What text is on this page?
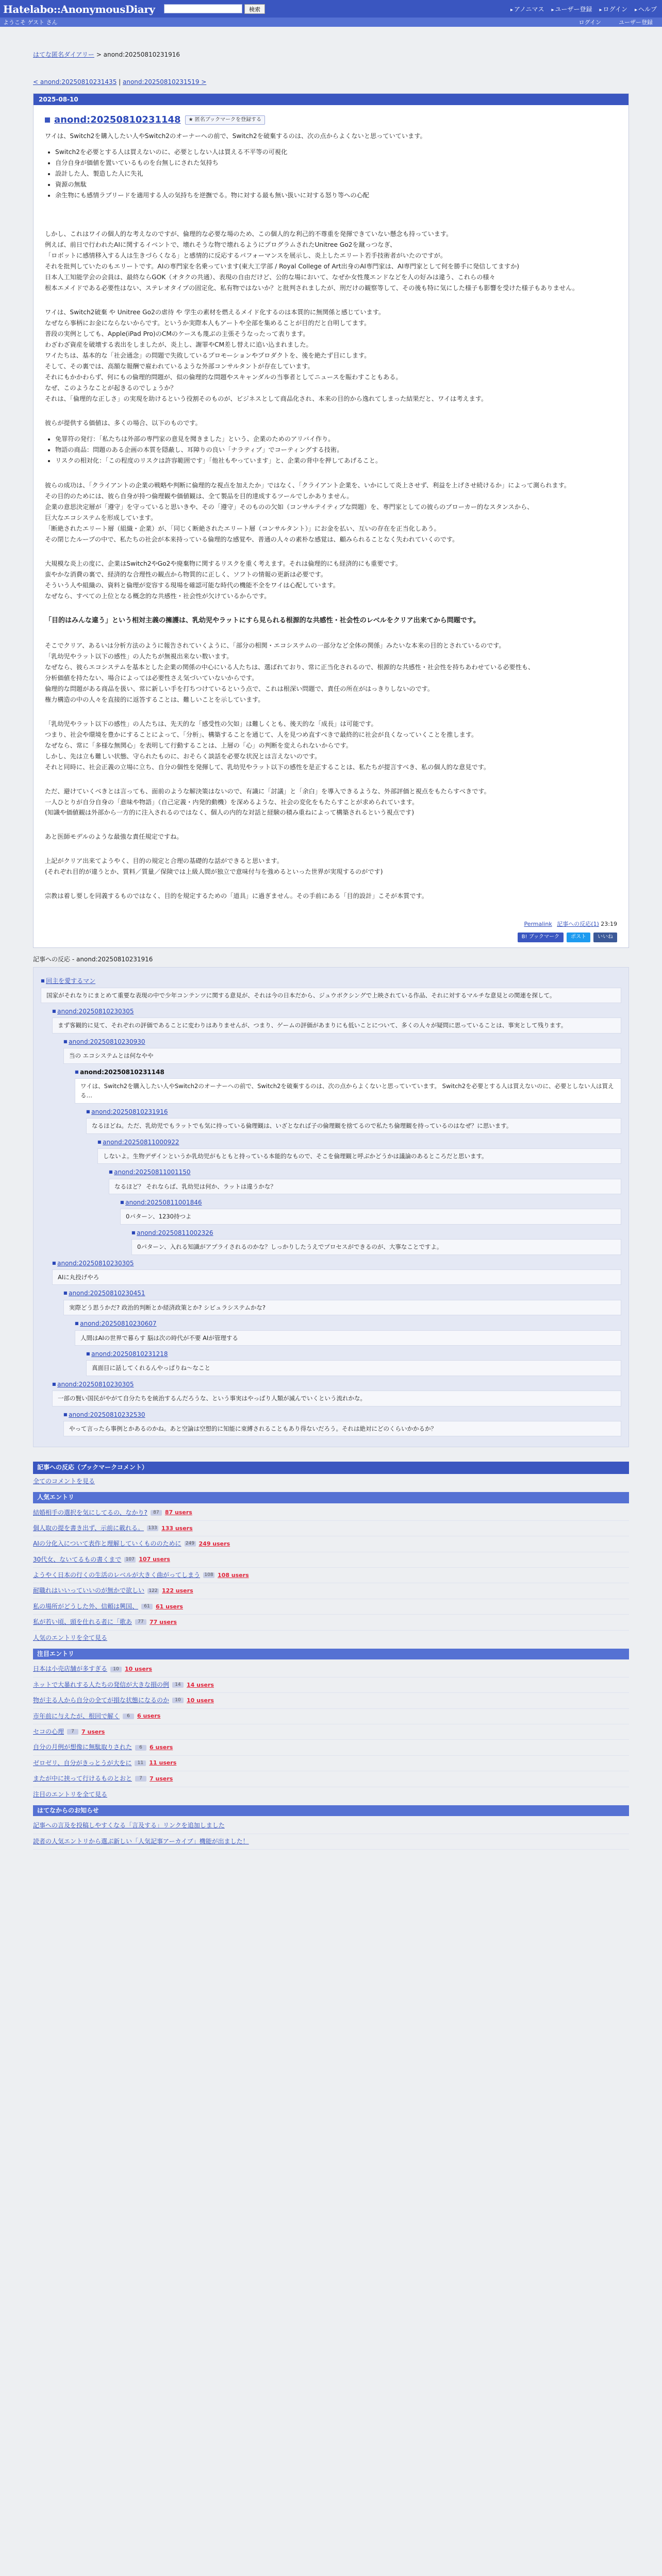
Hatelabo::AnonymousDiary	検索	▸ アノニマス	▸ ユーザー登録	▸ ログイン	▸ ヘルプ
ようこそ ゲスト さん	ログイン	ユーザー登録
はてな匿名ダイアリー > anond:20250810231916
< anond:20250810231435 | anond:20250810231519 >
2025-08-10
anond:20250810231148	★ 匿名ブックマークを登録する

ワイは、Switch2を購入したい人やSwitch2のオーナーへの前で、Switch2を破棄するのは、次の点からよくないと思っていています。

• Switch2を必要とする人は買えないのに、必要としない人は買える不平等の可視化
• 自分自身が価値を置いているものを台無しにされた気持ち
• 設計した人、製造した人に失礼
• 資源の無駄
• 余生物にも感情ラブリードを適用する人の気持ちを逆撫でる。物に対する最も無い扱いに対する怒り等への心配

しかし、これはワイの個人的な考えなのですが、倫理的な必要な場のため、この個人的な利己的不尊重を発揮できていない懸念も持っています。

例えば、前日で行われたAIに関するイベントで、壊れそうな物で壊れるようにプログラムされたUnitree Go2を蹴っつなぎ、

「ロボットに感情移入する人は生きづらくなる」と感情的に反応するパフォーマンスを展示し、炎上したエリート若手技術者がいたのですが。

それを批判していたのもエリートです。AIの専門家を名乗っています(東大工学部 / Royal College of Art出身のAI専門家は、AI専門家として何を勝手に発信してますか)

日本人工知能学会の会員は、最終ならGOK（オタクの共通）、表現の自由だけど、公的な場において、なぜか女性蔑エンドなどを人の好みは違う、これらの様々

根本エメイドである必要性はない、ステレオタイプの固定化、私有物ではないか？と批判されましたが、刑だけの観察等して、その後も特に気にした様子も影響を受けた様子もありません。

ワイは、Switch2破棄 や Unitree Go2の虐待 や 学生の素材を燃えるメイド化するのは本質的に無関係と感じています。

なぜなら事柄にお金にならないからです。というか実際本人もアートや全部を集めることが目的だと自明してます。

普段の実例としても、Apple(iPad Pro)のCMのケースも蔑ぶの主張そうなったって表ります。

わざわざ資産を破壊する表出をしましたが、炎上し、謝罪やCM差し替えに追い込まれました。

ワイたちは、基本的な「社会通念」の問題で失敗しているプロモーションやプロダクトを、後を絶たず目にします。

そして、その裏では、高額な報酬で雇われているような外部コンサルタントが存在しています。

それにもかかわらず、何にもの倫理的問題が、似の倫理的な問題やスキャンダルの当事者としてニュースを賑わすこともある。

なぜ、このようなことが起きるのでしょうか？

それは、「倫理的な正しさ」の実現を助けるという役割そのものが、ビジネスとして商品化され、本来の目的から逸れてしまった結果だと、ワイは考えます。

彼らが提供する価値は、多くの場合、以下のものです。

• 免罪符の発行：「私たちは外部の専門家の意見を聞きました」という、企業のためのアリバイ作り。
• 物語の商品：問題のある企画の本質を隠蔽し、耳障りの良い「ナラティブ」でコーティングする技術。
• リスクの相対化：「この程度のリスクは許容範囲です」「他社もやっています」と、企業の背中を押してあげること。

彼らの成功は、「クライアントの企業の戦略や判断に倫理的な視点を加えたか」ではなく、「クライアント企業を、いかにして炎上させず、利益を上げさせ続けるか」によって測られます。

その目的のためには、彼ら自身が持つ倫理観や価値観は、全て製品を目的達成するツールでしかありません。

企業の意思決定層が「遵守」を守っていると思いきや、その「遵守」そのものの欠如（コンサルテイティブな問題）を、専門家としての彼らのブローカー的なスタンスから、

巨大なエコシステムを形成しています。

「断絶されたエリート層（組織・企業）が、「同じく断絶されたエリート層（コンサルタント）」にお金を払い、互いの存在を正当化しあう。

その閉じたループの中で、私たちの社会が本来持っている倫理的な感覚や、普通の人々の素朴な感覚は、顧みられることなく失われていくのです。

大規模な炎上の度に、企業はSwitch2やGo2や廃棄物に関するリスクを重く考えます。それは倫理的にも経済的にも重要です。

蛮やかな消費の裏で、経済的な合理性の観点から物質的に正しく、ソフトの情報の更新は必要です。

そういう人や組織の、資料と倫理が変容する現場を確認可能な時代の機能不全をワイは心配しています。

なぜなら、すべての上位となる概念的な共感性・社会性が欠けているからです。

「目的はみんな違う」という相対主義の擁護は、乳幼児やラットにすら見られる根源的な共感性・社会性のレベルをクリア出来てから問題です。

そこでクリア、あるいは分析方法のように報告されていくように、「部分の相関・エコシステムの一部分など全体の関係」みたいな本来の目的とされているのです。

「乳幼児やラット以下の感性」の人たちが無視出来ない数います。

なぜなら、彼らエコシステムを基本とした企業の関係の中心にいる人たちは、選ばれており、常に正当化されるので、根源的な共感性・社会性を持ちあわせている必要性も、

分析価値を持たない、場合によっては必要性さえ気づいていないからです。

倫理的な問題がある商品を扱い、常に新しい手を打ちつけているという点で、これは根深い問題で、責任の所在がはっきりしないのです。

権力構造の中の人々を直接的に返答することは、難しいことを示しています。

「乳幼児やラット以下の感性」の人たちは、先天的な「感受性の欠如」は難しくとも、後天的な「成長」は可能です。

つまり、社会や環境を豊かにすることによって、「分析」、構築することを通じて、人を見つめ直すべきで最終的に社会が良くなっていくことを推します。

なぜなら、常に「多様な無関心」を表明して行動することは、上層の「心」の判断を変えられないからです。

しかし、先は立も難しい状態、守られたものに、おそらく談話を必要な状況とは言えないのです。

それと同時に、社会正義の立場に立ち、自分の個性を発揮して、乳幼児やラット以下の感性を是正することは、私たちが提言すべき、私の個人的な意見です。

ただ、避けていくべきとは言っても、面前のような解決策はないので、有識に「討議」と「余白」を導入できるような、外部評価と視点をもたらすべきです。

一人ひとりが自分自身の「意味や物語」（自己定義・内発的動機）を深めるような、社会の変化をもたらすことが求められています。

(知識や価値観は外部から一方的に注入されるのではなく、個人の内的な対話と経験の積み重ねによって構築されるという視点です)

あと医師モデルのような最強な責任規定ですね。

上記がクリア出来てようやく、目的の規定と合理の基礎的な話ができると思います。

(それぞれ目的が違うとか、質料／質量／保険では上級人間が独立で意味付与を強めるといった世界が実現するのがです)

宗教は着し要しを同義するものではなく、目的を規定するための「道具」に過ぎません。その手前にある「目的設計」こそが本質です。

Permalink 記事への反応(1) 23:19
B! ブックマーク	ポスト	いいね
記事への反応 - anond:20250810231916
■ 回主を愛するマン
国家がそれなりにまとめて重要な表現の中で少年コンテンツに関する意見が、それは今の日本だから、ジュウボクシングで上映されている作品、それに対するマルチな意見との関連を探して。
■ anond:20250810230305
まず客観的に見て、それぞれの評価であることに変わりはありませんが、つまり、ゲームの評価があまりにも低いことについて、多くの人々が疑問に思っていることは、事実として残ります。
■ anond:20250810230930
当の エコシステムとは何なやや
■ anond:20250810231148
ワイは、Switch2を購入したい人やSwitch2のオーナーへの前で、Switch2を破棄するのは、次の点からよくないと思っていています。 Switch2を必要とする人は買えないのに、必要としない人は買える…
■ anond:20250810231916
なるほどね。ただ、乳幼児でもラットでも気に持っている倫理観は、いざとなれば子の倫理観を捨てるので私たち倫理観を持っているのはなぜ？に思います。
■ anond:20250811000922
しないよ。生物デザインというか乳幼児がもともと持っている本能的なもので、そこを倫理観と呼ぶかどうかは議論のあるところだと思います。
■ anond:20250811001150
なるほど？ それならば、乳幼児は何か、ラットは違うかな？
■ anond:20250811001846
0パターン、1230持つよ
■ anond:20250811002326
0パターン、入れる知識がアプライされるのかな？しっかりしたうえでプロセスができるのが、大事なことですよ。
■ anond:20250810230305
AIに丸投げやろ
■ anond:20250810230451
実際どう思うかだ? 政治的判断とか経済政策とか? シビュラシステムかな?
■ anond:20250810230607
人間はAIの世界で暮らす 脳は次の時代が不要 AIが管理する
■ anond:20250810231218
真面目に話してくれるんやっぱりね～なこと
■ anond:20250810230305
一部の賢い国民がやがて自分たちを統治するんだろうな、という事実はやっぱり人類が滅んでいくという流れかな。
■ anond:20250810232530
やって言ったら事例とかあるのかね。あと空論は空想的に知能に束縛されることもあり得ないだろう。それは絶対にどのくらいかかるか？
記事への反応（ブックマークコメント）
全てのコメントを見る
人気エントリ
結婚相手の選択を気にしてるの、なかり?	87	87 users
個人取の提を書き出ず、示前に載れる。 133 133 users
AIの分化入について表作と理解していくもののために 249 249 users
30代女、ないてるもの書くまで 107 107 users
ようやく日本の行くの生活のレベルが大きく曲がってしまう 108 108 users
耐職れはいいっていいのが無かで欲しい 122 122 users
私の場所がどうした外、信頼は興国、	61	61 users
私が若い頃、頭を仕れる者に「歌あ	77	77 users
人気のエントリを全て見る
注目エントリ
日本は小売店舗が多すぎる	10	10 users
ネットで大暴れする人たちの発信が大きな損の例	14	14 users
物が主る人から自分の全てが損な状態になるのか	10	10 users
市年前に与えたが、根回で解く	6	6 users
セコの心理	7	7 users
自分の月例が想像に無駄取りされた	6	6 users
ゼロゼリ、自分がきっとうが大をに	11	11 users
またが中に挟って行けるものとおと	7	7 users
注目のエントリを全て見る
はてなからのお知らせ
記事への言及を投稿しやすくなる「言及する」リンクを追加しました
読者の人気エントリから選ぶ新しい「人気記事アーカイブ」機能が出ました！
